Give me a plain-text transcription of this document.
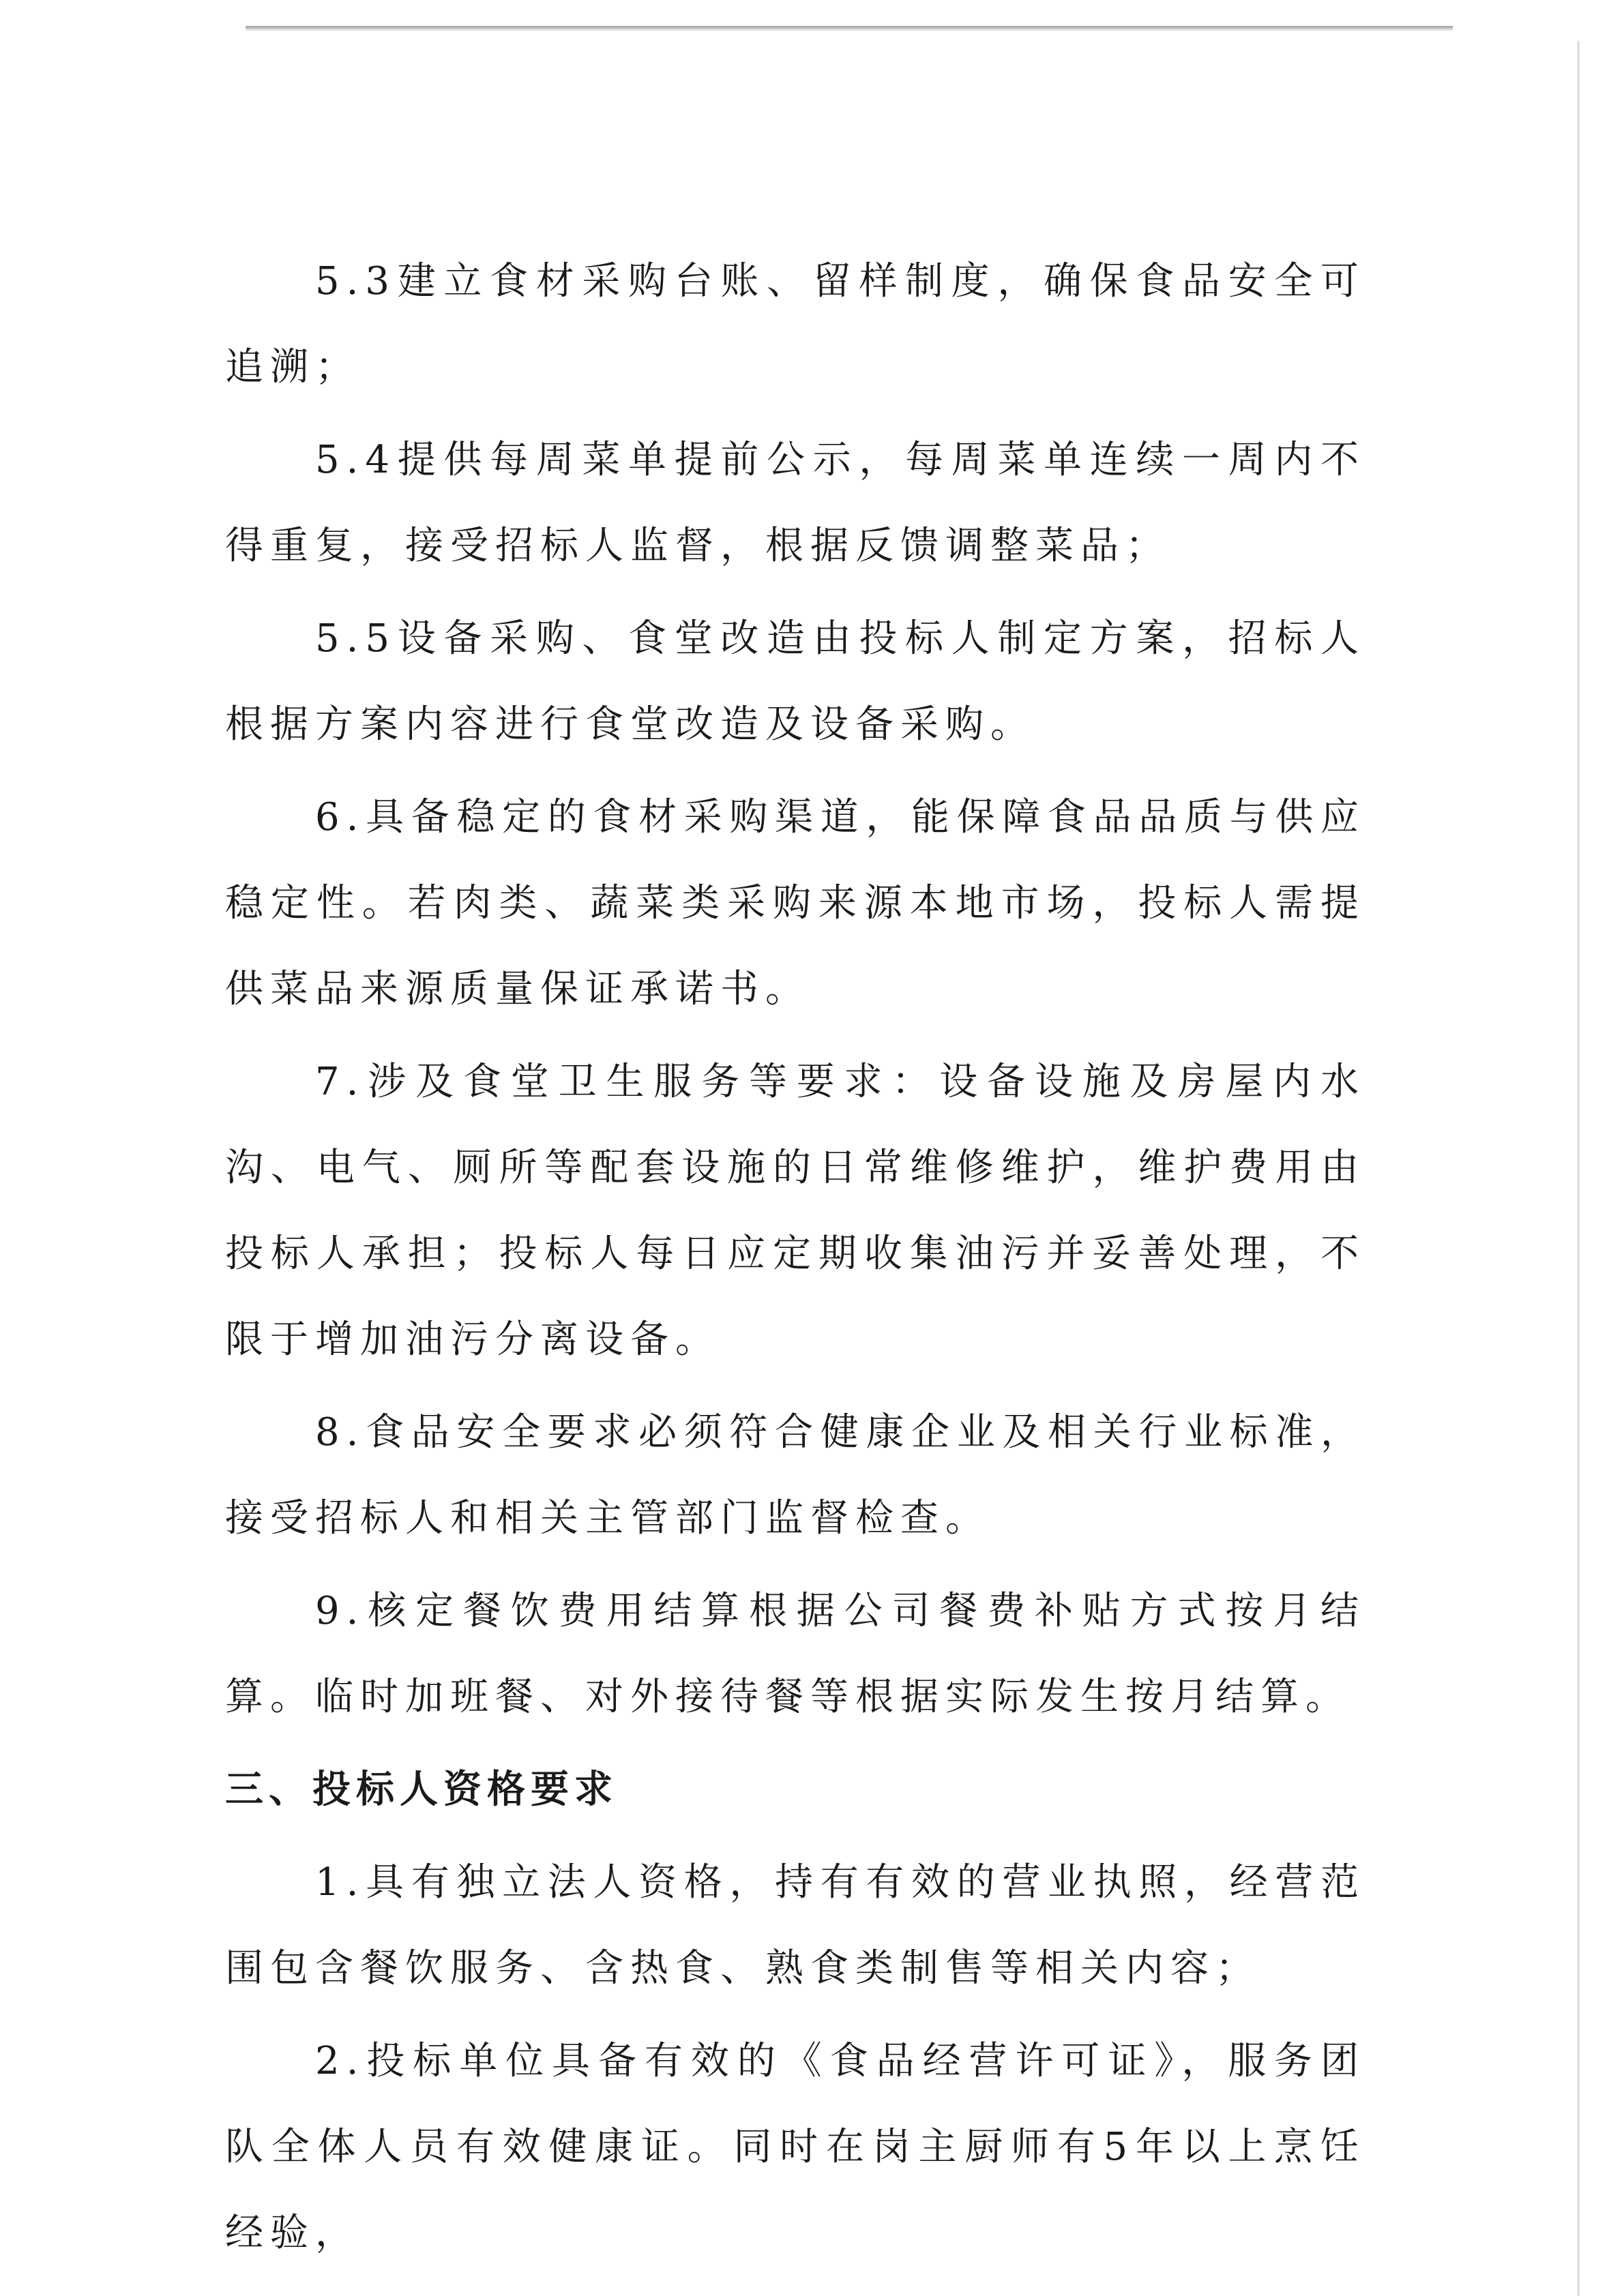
5.3建立食材采购台账、留样制度，确保食品安全可追溯；

5.4提供每周菜单提前公示，每周菜单连续一周内不得重复，接受招标人监督，根据反馈调整菜品；

5.5设备采购、食堂改造由投标人制定方案，招标人根据方案内容进行食堂改造及设备采购。

6.具备稳定的食材采购渠道，能保障食品品质与供应稳定性。若肉类、蔬菜类采购来源本地市场，投标人需提供菜品来源质量保证承诺书。

7.涉及食堂卫生服务等要求：设备设施及房屋内水沟、电气、厕所等配套设施的日常维修维护，维护费用由投标人承担；投标人每日应定期收集油污并妥善处理，不限于增加油污分离设备。

8.食品安全要求必须符合健康企业及相关行业标准，接受招标人和相关主管部门监督检查。

9.核定餐饮费用结算根据公司餐费补贴方式按月结算。临时加班餐、对外接待餐等根据实际发生按月结算。

三、投标人资格要求

1.具有独立法人资格，持有有效的营业执照，经营范围包含餐饮服务、含热食、熟食类制售等相关内容；

2.投标单位具备有效的《食品经营许可证》，服务团队全体人员有效健康证。同时在岗主厨师有5年以上烹饪经验，
